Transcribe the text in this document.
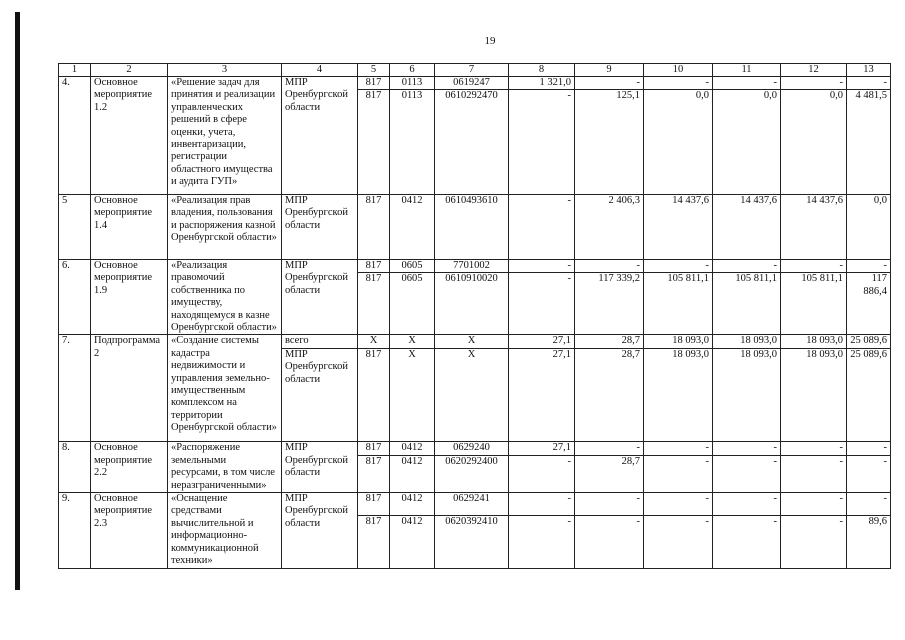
19
1	2	3	4	5	6	7	8	9	10	11	12	13
4.	Основное мероприятие 1.2	«Решение задач для принятия и реализации управленческих решений в сфере оценки, учета, инвентаризации, регистрации областного имущества и аудита ГУП»	МПР Оренбургской области	817	0113	0619247	1 321,0	-	-	-	-	-
				817	0113	0610292470	-	125,1	0,0	0,0	0,0	4 481,5
5	Основное мероприятие 1.4	«Реализация прав владения, пользования и распоряжения казной Оренбургской области»	МПР Оренбургской области	817	0412	0610493610	-	2 406,3	14 437,6	14 437,6	14 437,6	0,0
6.	Основное мероприятие 1.9	«Реализация правомочий собственника по имуществу, находящемуся в казне Оренбургской области»	МПР Оренбургской области	817	0605	7701002	-	-	-	-	-	-
				817	0605	0610910020	-	117 339,2	105 811,1	105 811,1	105 811,1	117 886,4
7.	Подпрограмма 2	«Создание системы кадастра недвижимости и управления земельно-имущественным комплексом на территории Оренбургской области»	всего	Х	Х	Х	27,1	28,7	18 093,0	18 093,0	18 093,0	25 089,6
			МПР Оренбургской области	817	Х	Х	27,1	28,7	18 093,0	18 093,0	18 093,0	25 089,6
8.	Основное мероприятие 2.2	«Распоряжение земельными ресурсами, в том числе неразграниченными»	МПР Оренбургской области	817	0412	0629240	27,1	-	-	-	-	-
				817	0412	0620292400	-	28,7	-	-	-	-
9.	Основное мероприятие 2.3	«Оснащение средствами вычислительной и информационно-коммуникационной техники»	МПР Оренбургской области	817	0412	0629241	-	-	-	-	-	-
				817	0412	0620392410	-	-	-	-	-	89,6
